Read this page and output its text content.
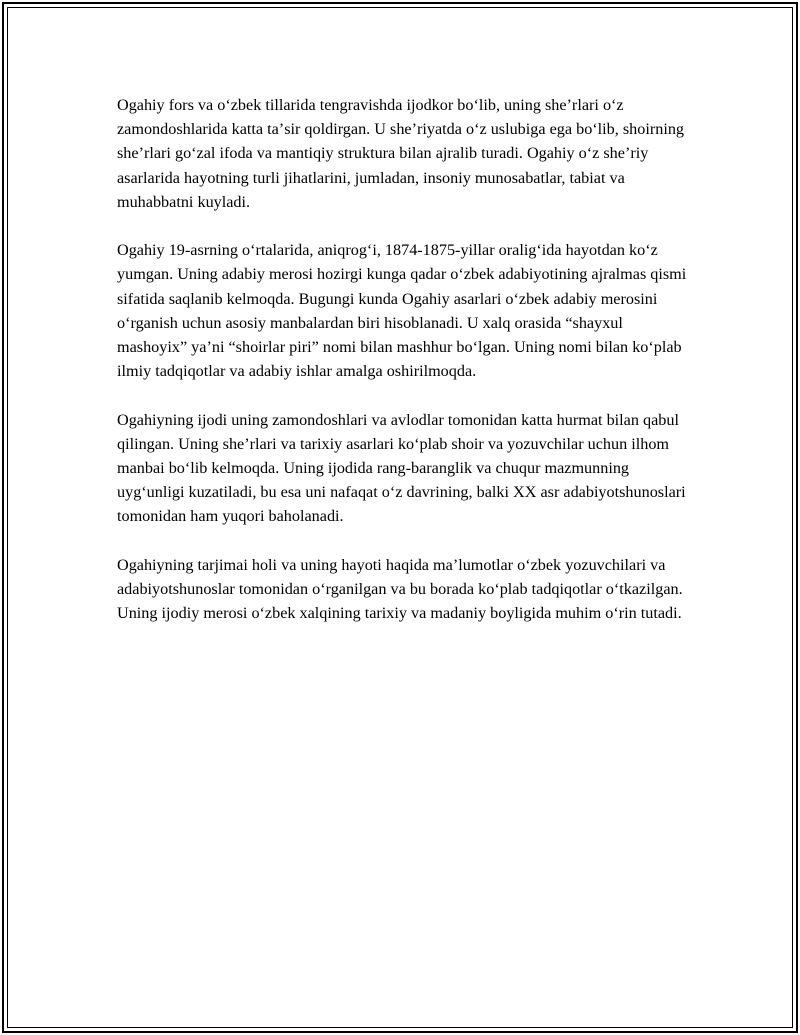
Ogahiy fors va oʻzbek tillarida tengravishda ijodkor boʻlib, uning sheʼrlari oʻz zamondoshlarida katta taʼsir qoldirgan. U sheʼriyatda oʻz uslubiga ega boʻlib, shoirning sheʼrlari goʻzal ifoda va mantiqiy struktura bilan ajralib turadi. Ogahiy oʻz sheʼriy asarlarida hayotning turli jihatlarini, jumladan, insoniy munosabatlar, tabiat va muhabbatni kuyladi.

Ogahiy 19-asrning oʻrtalarida, aniqrogʻi, 1874-1875-yillar oraligʻida hayotdan koʻz yumgan. Uning adabiy merosi hozirgi kunga qadar oʻzbek adabiyotining ajralmas qismi sifatida saqlanib kelmoqda. Bugungi kunda Ogahiy asarlari oʻzbek adabiy merosini oʻrganish uchun asosiy manbalardan biri hisoblanadi. U xalq orasida “shayxul mashoyix” yaʼni “shoirlar piri” nomi bilan mashhur boʻlgan. Uning nomi bilan koʻplab ilmiy tadqiqotlar va adabiy ishlar amalga oshirilmoqda.

Ogahiyning ijodi uning zamondoshlari va avlodlar tomonidan katta hurmat bilan qabul qilingan. Uning sheʼrlari va tarixiy asarlari koʻplab shoir va yozuvchilar uchun ilhom manbai boʻlib kelmoqda. Uning ijodida rang-baranglik va chuqur mazmunning uygʻunligi kuzatiladi, bu esa uni nafaqat oʻz davrining, balki XX asr adabiyotshunoslari tomonidan ham yuqori baholanadi.

Ogahiyning tarjimai holi va uning hayoti haqida maʼlumotlar oʻzbek yozuvchilari va adabiyotshunoslar tomonidan oʻrganilgan va bu borada koʻplab tadqiqotlar oʻtkazilgan. Uning ijodiy merosi oʻzbek xalqining tarixiy va madaniy boyligida muhim oʻrin tutadi.
